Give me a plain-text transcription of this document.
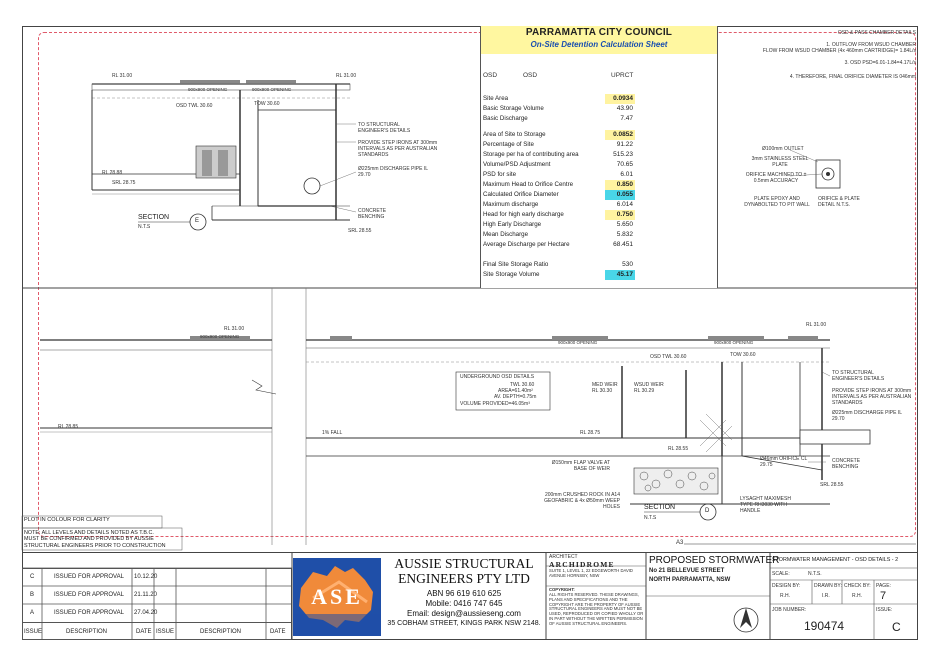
PARRAMATTA CITY COUNCIL
On-Site Detention Calculation Sheet
OSD	OSD	UPRCT
Site Area	0.0934
Basic Storage Volume	43.90
Basic Discharge	7.47
Area of Site to Storage	0.0852
Percentage of Site	91.22
Storage per ha of contributing area	515.23
Volume/PSD Adjustment	70.65
PSD for site	6.01
Maximum Head to Orifice Centre	0.850
Calculated Orifice Diameter	0.055
Maximum discharge	6.014
Head for high early discharge	0.750
High Early Discharge	5.650
Mean Discharge	5.832
Average Discharge per Hectare	68.451
Final Site Storage Ratio	530
Site Storage Volume	45.17
OSD & PASS CHAMBER DETAILS
1. OUTFLOW FROM WSUD CHAMBER
FLOW FROM WSUD CHAMBER (4x 460mm CARTRIDGE)= 1.84L/s
3. OSD PSD=6.01-1.84=4.17L/s
4. THEREFORE, FINAL ORIFICE DIAMETER IS 046mm
Ø100mm OUTLET
3mm STAINLESS STEEL PLATE
ORIFICE MACHINED TO ± 0.5mm ACCURACY
PLATE EPOXY AND DYNABOLTED TO PIT WALL
ORIFICE & PLATE DETAIL N.T.S.
RL 31.00	RL 31.00
900x900 OPENING	900x900 OPENING
OSD TWL 30.60	TOW 30.60
RL 28.88
SRL 28.75
SRL 28.55
TO STRUCTURAL ENGINEER'S DETAILS
PROVIDE STEP IRONS AT 300mm INTERVALS AS PER AUSTRALIAN STANDARDS
Ø225mm DISCHARGE PIPE IL 29.70
CONCRETE BENCHING
SECTION	E
N.T.S
RL 31.00
RL 31.00
900x900 OPENING
900x900 OPENING	900x900 OPENING
OSD TWL 30.60	TOW 30.60
RL 28.85
1% FALL	RL 28.75
RL 28.55
UNDERGROUND OSD DETAILS
TWL 30.60
AREA=61.40m²
AV. DEPTH=0.75m
VOLUME PROVIDED=46.05m³
MED WEIR RL 30.30
WSUD WEIR RL 30.29
Ø150mm FLAP VALVE AT BASE OF WEIR
200mm CRUSHED ROCK IN A14 GEOFABRIC & 4x Ø50mm WEEP HOLES
Ø46mm ORIFICE CL 29.75
LYSAGHT MAXIMESH TYPE RH3030 WITH HANDLE
CONCRETE BENCHING
SRL 28.55
TO STRUCTURAL ENGINEER'S DETAILS
PROVIDE STEP IRONS AT 300mm INTERVALS AS PER AUSTRALIAN STANDARDS
Ø225mm DISCHARGE PIPE IL 29.70
SECTION	D
N.T.S
PLOT IN COLOUR FOR CLARITY
NOTE: ALL LEVELS AND DETAILS NOTED AS T.B.C.
MUST BE CONFIRMED AND PROVIDED BY AUSSIE
STRUCTURAL ENGINEERS PRIOR TO CONSTRUCTION	A3
C	ISSUED FOR APPROVAL 10.12.20
B	ISSUED FOR APPROVAL 21.11.20
A	ISSUED FOR APPROVAL 27.04.20
ISSUE	DESCRIPTION	DATE ISSUE	DESCRIPTION	DATE
ASE
AUSSIE STRUCTURAL
ENGINEERS PTY LTD
ABN 96 619 610 625
Mobile: 0416 747 645
Email: design@aussieseng.com
35 COBHAM STREET, KINGS PARK NSW 2148.
ARCHITECT
ARCHIDROME
SUITE 1, LEVEL 1, 22 EDGEWORTH DAVID AVENUE HORNSBY, NSW
COPYRIGHT:
ALL RIGHTS RESERVED. THESE DRAWINGS, PLANS AND SPECIFICATIONS AND THE COPYRIGHT ARE THE PROPERTY OF AUSSIE STRUCTURAL ENGINEERS AND MUST NOT BE USED, REPRODUCED OR COPIED WHOLLY OR IN PART WITHOUT THE WRITTEN PERMISSION OF AUSSIE STRUCTURAL ENGINEERS.
PROPOSED STORMWATER
No 21 BELLEVUE STREET
NORTH PARRAMATTA, NSW
STORMWATER MANAGEMENT - OSD DETAILS - 2
SCALE:	N.T.S.
DESIGN BY:
R.H.
DRAWN BY:
I.R.
CHECK BY:
R.H.
PAGE:
7
JOB NUMBER:
190474
ISSUE:
C
